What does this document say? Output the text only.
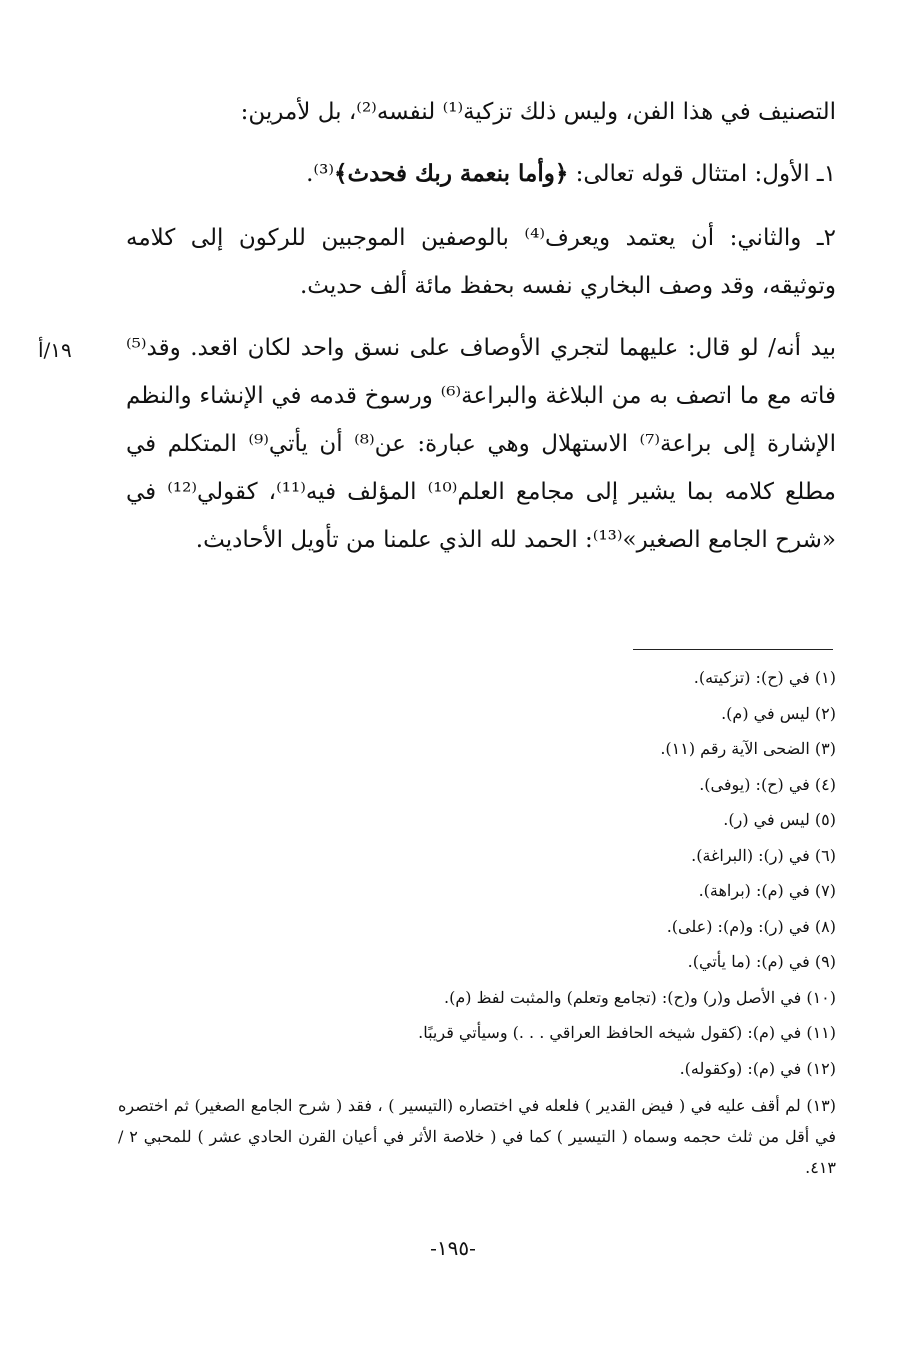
التصنيف في هذا الفن، وليس ذلك تزكية⁽¹⁾ لنفسه⁽²⁾، بل لأمرين:

١ـ الأول: امتثال قوله تعالى: ﴿وأما بنعمة ربك فحدث﴾⁽³⁾.

٢ـ والثاني: أن يعتمد ويعرف⁽⁴⁾ بالوصفين الموجبين للركون إلى كلامه وتوثيقه، وقد وصف البخاري نفسه بحفظ مائة ألف حديث.

بيد أنه/ لو قال: عليهما لتجري الأوصاف على نسق واحد لكان اقعد. وقد⁽⁵⁾ فاته مع ما اتصف به من البلاغة والبراعة⁽⁶⁾ ورسوخ قدمه في الإنشاء والنظم الإشارة إلى براعة⁽⁷⁾ الاستهلال وهي عبارة: عن⁽⁸⁾ أن يأتي⁽⁹⁾ المتكلم في مطلع كلامه بما يشير إلى مجامع العلم⁽¹⁰⁾ المؤلف فيه⁽¹¹⁾، كقولي⁽¹²⁾ في «شرح الجامع الصغير»⁽¹³⁾: الحمد لله الذي علمنا من تأويل الأحاديث.

١٩/أ

(١) في (ح): (تزكيته).

(٢) ليس في (م).

(٣) الضحى الآية رقم (١١).

(٤) في (ح): (يوفى).

(٥) ليس في (ر).

(٦) في (ر): (البراغة).

(٧) في (م): (براهة).

(٨) في (ر): و(م): (على).

(٩) في (م): (ما يأتي).

(١٠) في الأصل و(ر) و(ح): (تجامع وتعلم) والمثبت لفظ (م).

(١١) في (م): (كقول شيخه الحافظ العراقي . . .) وسيأتي قريبًا.

(١٢) في (م): (وكقوله).

(١٣) لم أقف عليه في ( فيض القدير ) فلعله في اختصاره (التيسير ) ، فقد ( شرح الجامع الصغير) ثم اختصره في أقل من ثلث حجمه وسماه ( التيسير ) كما في ( خلاصة الأثر في أعيان القرن الحادي عشر ) للمحبي ٢ / ٤١٣.

-١٩٥-
